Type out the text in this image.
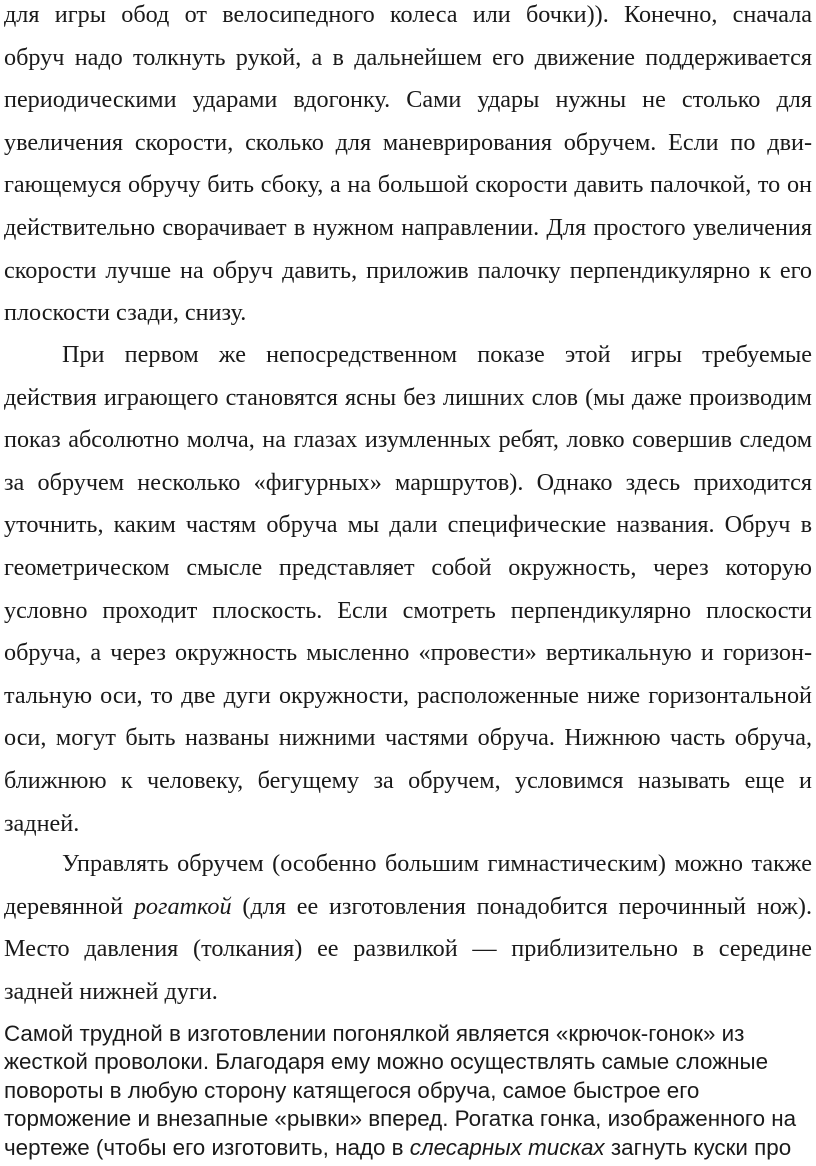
для игры обод от велосипедного колеса или бочки)). Конечно, сначала
обруч надо толкнуть рукой, а в дальнейшем его движение поддерживается
периодическими ударами вдогонку. Сами удары нужны не столько для
увеличения скорости, сколько для маневрирования обручем. Если по дви-
гающемуся обручу бить сбоку, а на большой скорости давить палочкой, то он
действительно сворачивает в нужном направлении. Для простого увеличения
скорости лучше на обруч давить, приложив палочку перпендикулярно к его
плоскости сзади, снизу.
При первом же непосредственном показе этой игры требуемые
действия играющего становятся ясны без лишних слов (мы даже производим
показ абсолютно молча, на глазах изумленных ребят, ловко совершив следом
за обручем несколько «фигурных» маршрутов). Однако здесь приходится
уточнить, каким частям обруча мы дали специфические названия. Обруч в
геометрическом смысле представляет собой окружность, через которую
условно проходит плоскость. Если смотреть перпендикулярно плоскости
обруча, а через окружность мысленно «провести» вертикальную и горизон-
тальную оси, то две дуги окружности, расположенные ниже горизонтальной
оси, могут быть названы нижними частями обруча. Нижнюю часть обруча,
ближнюю к человеку, бегущему за обручем, условимся называть еще и
задней.
Управлять обручем (особенно большим гимнастическим) можно также
деревянной рогаткой (для ее изготовления понадобится перочинный нож).
Место давления (толкания) ее развилкой — приблизительно в середине
задней нижней дуги.
Самой трудной в изготовлении погонялкой является «крючок-гонок» из
жесткой проволоки. Благодаря ему можно осуществлять самые сложные
повороты в любую сторону катящегося обруча, самое быстрое его
торможение и внезапные «рывки» вперед. Рогатка гонка, изображенного на
чертеже (чтобы его изготовить, надо в слесарных тисках загнуть куски про
